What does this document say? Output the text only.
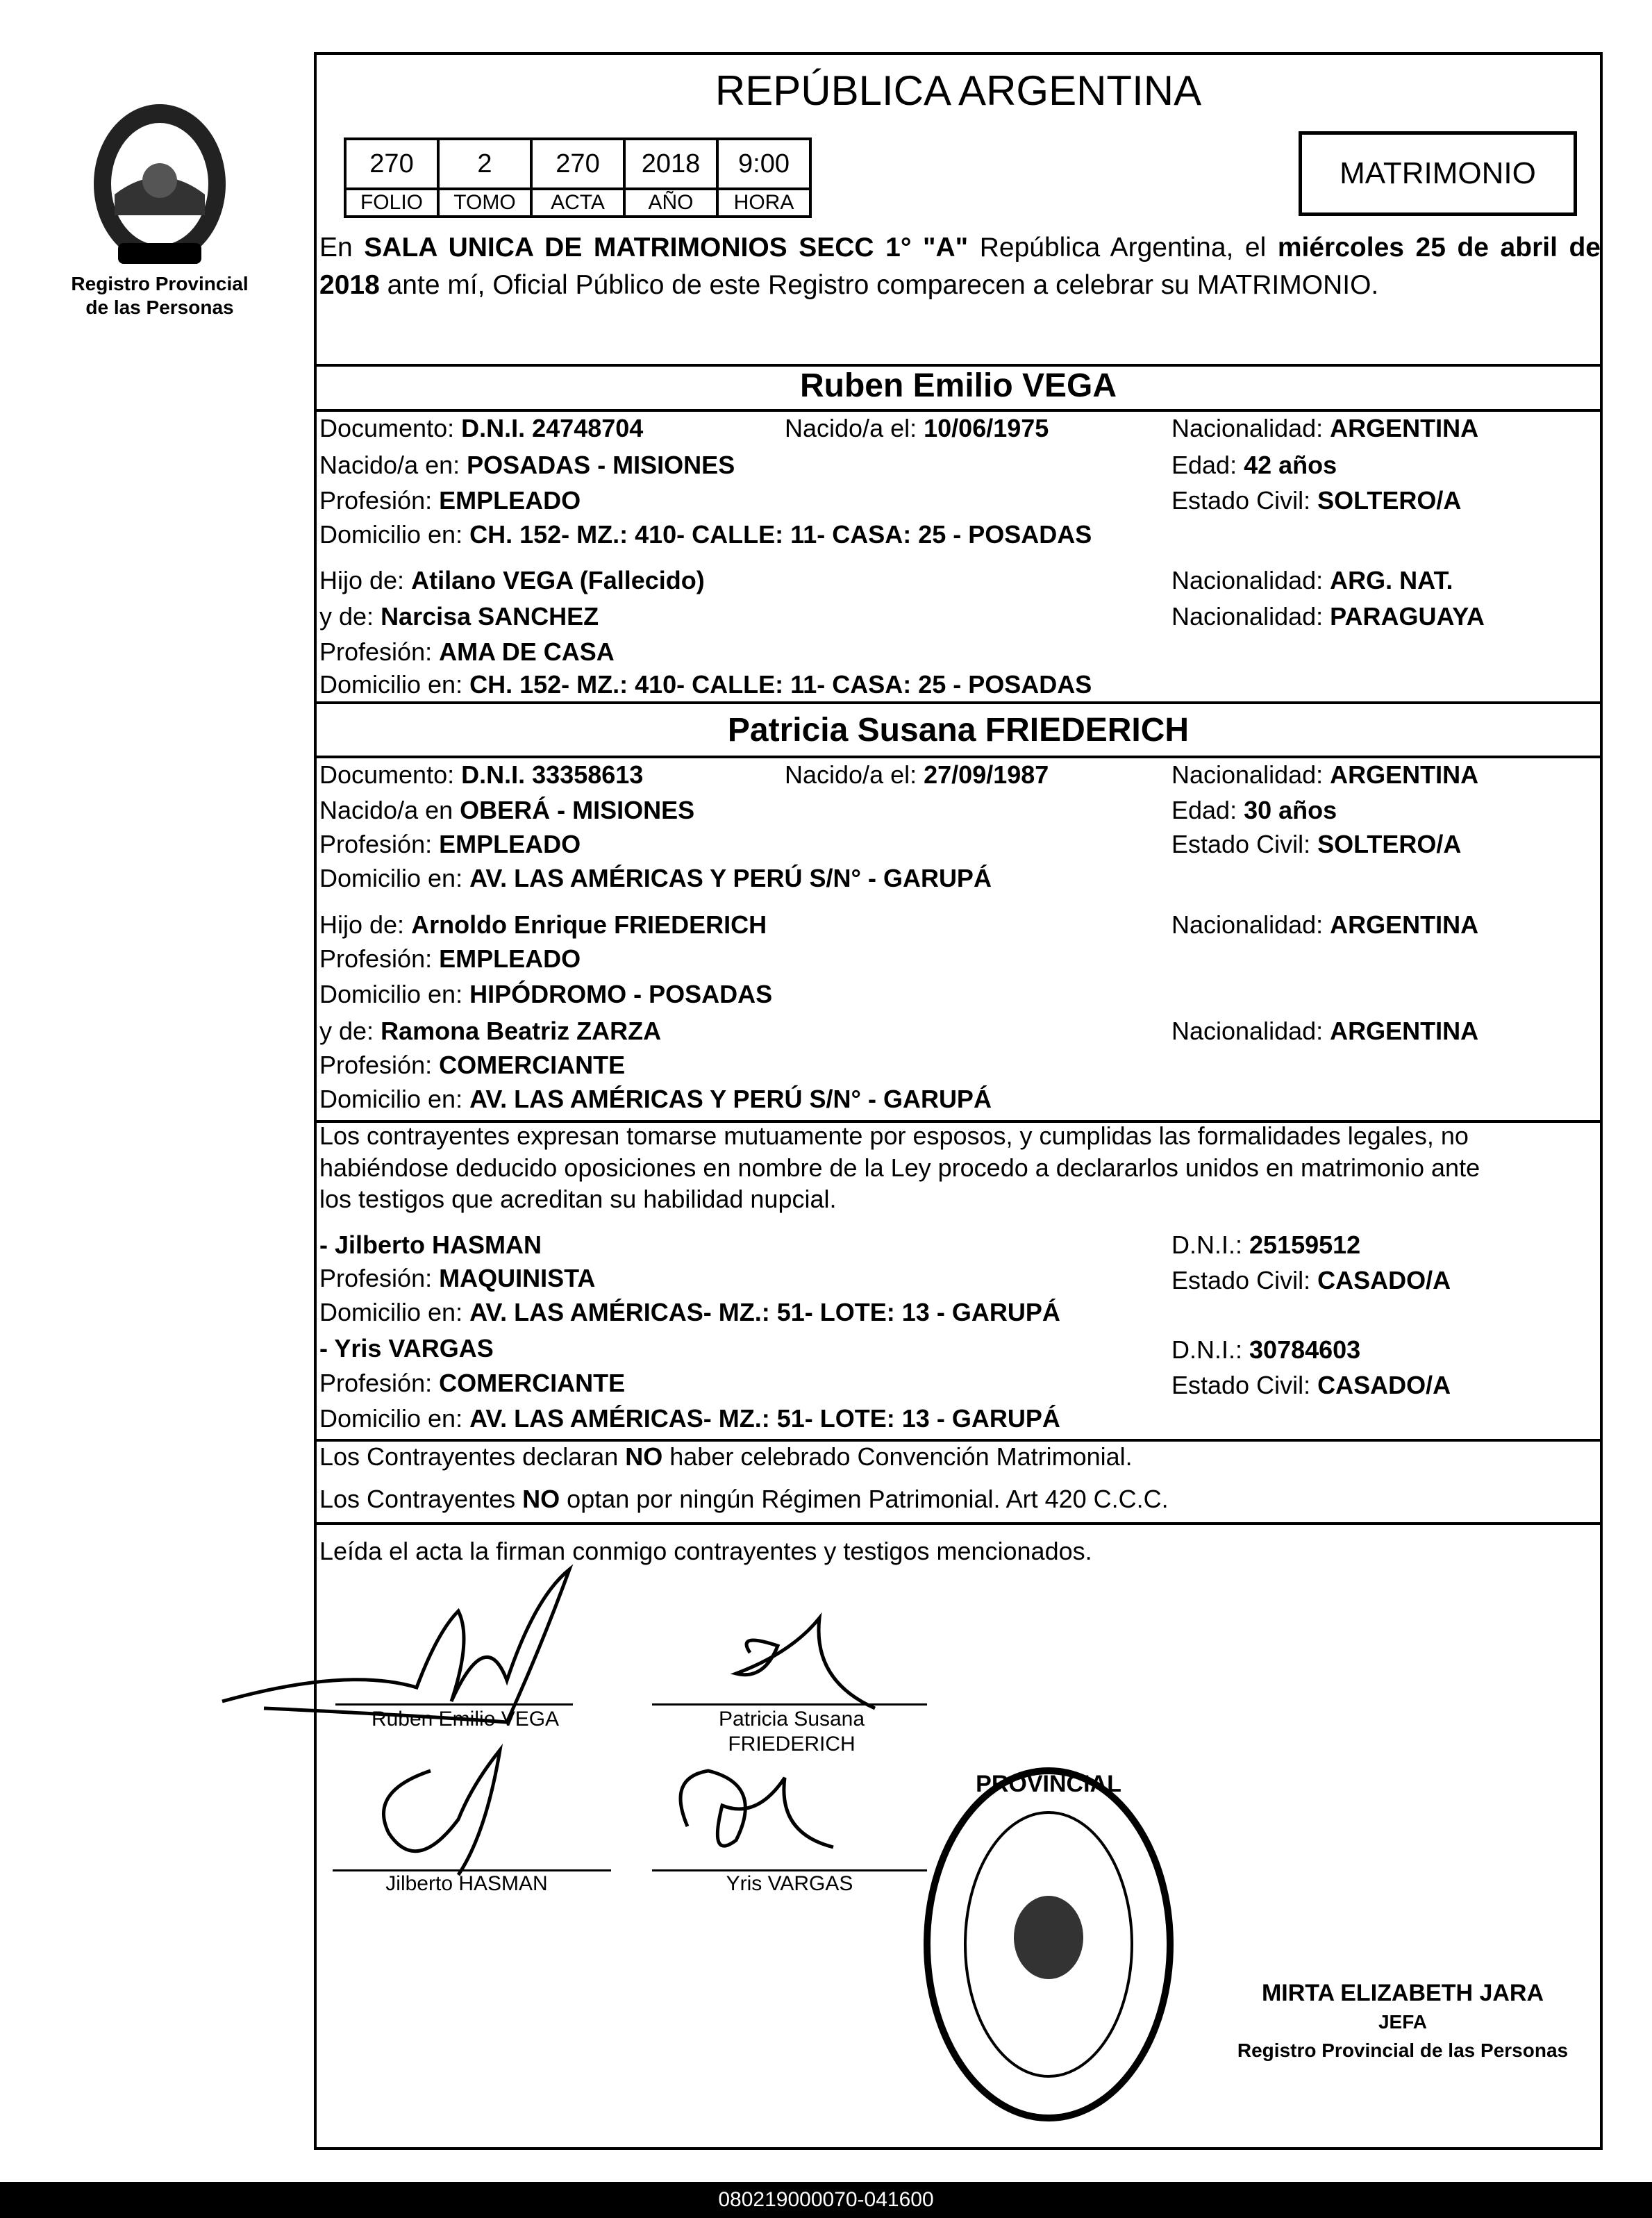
Registro Provincial
de las Personas
REPÚBLICA ARGENTINA
270	2	270	2018	9:00
FOLIO	TOMO	ACTA	AÑO	HORA
MATRIMONIO
En SALA UNICA DE MATRIMONIOS SECC 1° "A" República Argentina, el miércoles 25 de abril de 2018 ante mí, Oficial Público de este Registro comparecen a celebrar su MATRIMONIO.
Ruben Emilio VEGA
Documento: D.N.I. 24748704	Nacido/a el: 10/06/1975	Nacionalidad: ARGENTINA
Nacido/a en: POSADAS - MISIONES	Edad: 42 años
Profesión: EMPLEADO	Estado Civil: SOLTERO/A
Domicilio en: CH. 152- MZ.: 410- CALLE: 11- CASA: 25 - POSADAS
Hijo de: Atilano VEGA (Fallecido)	Nacionalidad: ARG. NAT.
y de: Narcisa SANCHEZ	Nacionalidad: PARAGUAYA
Profesión: AMA DE CASA
Domicilio en: CH. 152- MZ.: 410- CALLE: 11- CASA: 25 - POSADAS
Patricia Susana FRIEDERICH
Documento: D.N.I. 33358613	Nacido/a el: 27/09/1987	Nacionalidad: ARGENTINA
Nacido/a en OBERÁ - MISIONES	Edad: 30 años
Profesión: EMPLEADO	Estado Civil: SOLTERO/A
Domicilio en: AV. LAS AMÉRICAS Y PERÚ S/N° - GARUPÁ
Hijo de: Arnoldo Enrique FRIEDERICH	Nacionalidad: ARGENTINA
Profesión: EMPLEADO
Domicilio en: HIPÓDROMO - POSADAS
y de: Ramona Beatriz ZARZA	Nacionalidad: ARGENTINA
Profesión: COMERCIANTE
Domicilio en: AV. LAS AMÉRICAS Y PERÚ S/N° - GARUPÁ
Los contrayentes expresan tomarse mutuamente por esposos, y cumplidas las formalidades legales, no
habiéndose deducido oposiciones en nombre de la Ley procedo a declararlos unidos en matrimonio ante
los testigos que acreditan su habilidad nupcial.
- Jilberto HASMAN	D.N.I.: 25159512
Profesión: MAQUINISTA	Estado Civil: CASADO/A
Domicilio en: AV. LAS AMÉRICAS- MZ.: 51- LOTE: 13 - GARUPÁ
- Yris VARGAS	D.N.I.: 30784603
Profesión: COMERCIANTE	Estado Civil: CASADO/A
Domicilio en: AV. LAS AMÉRICAS- MZ.: 51- LOTE: 13 - GARUPÁ
Los Contrayentes declaran NO haber celebrado Convención Matrimonial.
Los Contrayentes NO optan por ningún Régimen Patrimonial. Art 420 C.C.C.
Leída el acta la firman conmigo contrayentes y testigos mencionados.
Ruben Emilio VEGA	Patricia Susana
FRIEDERICH
Jilberto HASMAN	Yris VARGAS
PROVINCIAL
MIRTA ELIZABETH JARA
JEFA
Registro Provincial de las Personas
080219000070-041600
